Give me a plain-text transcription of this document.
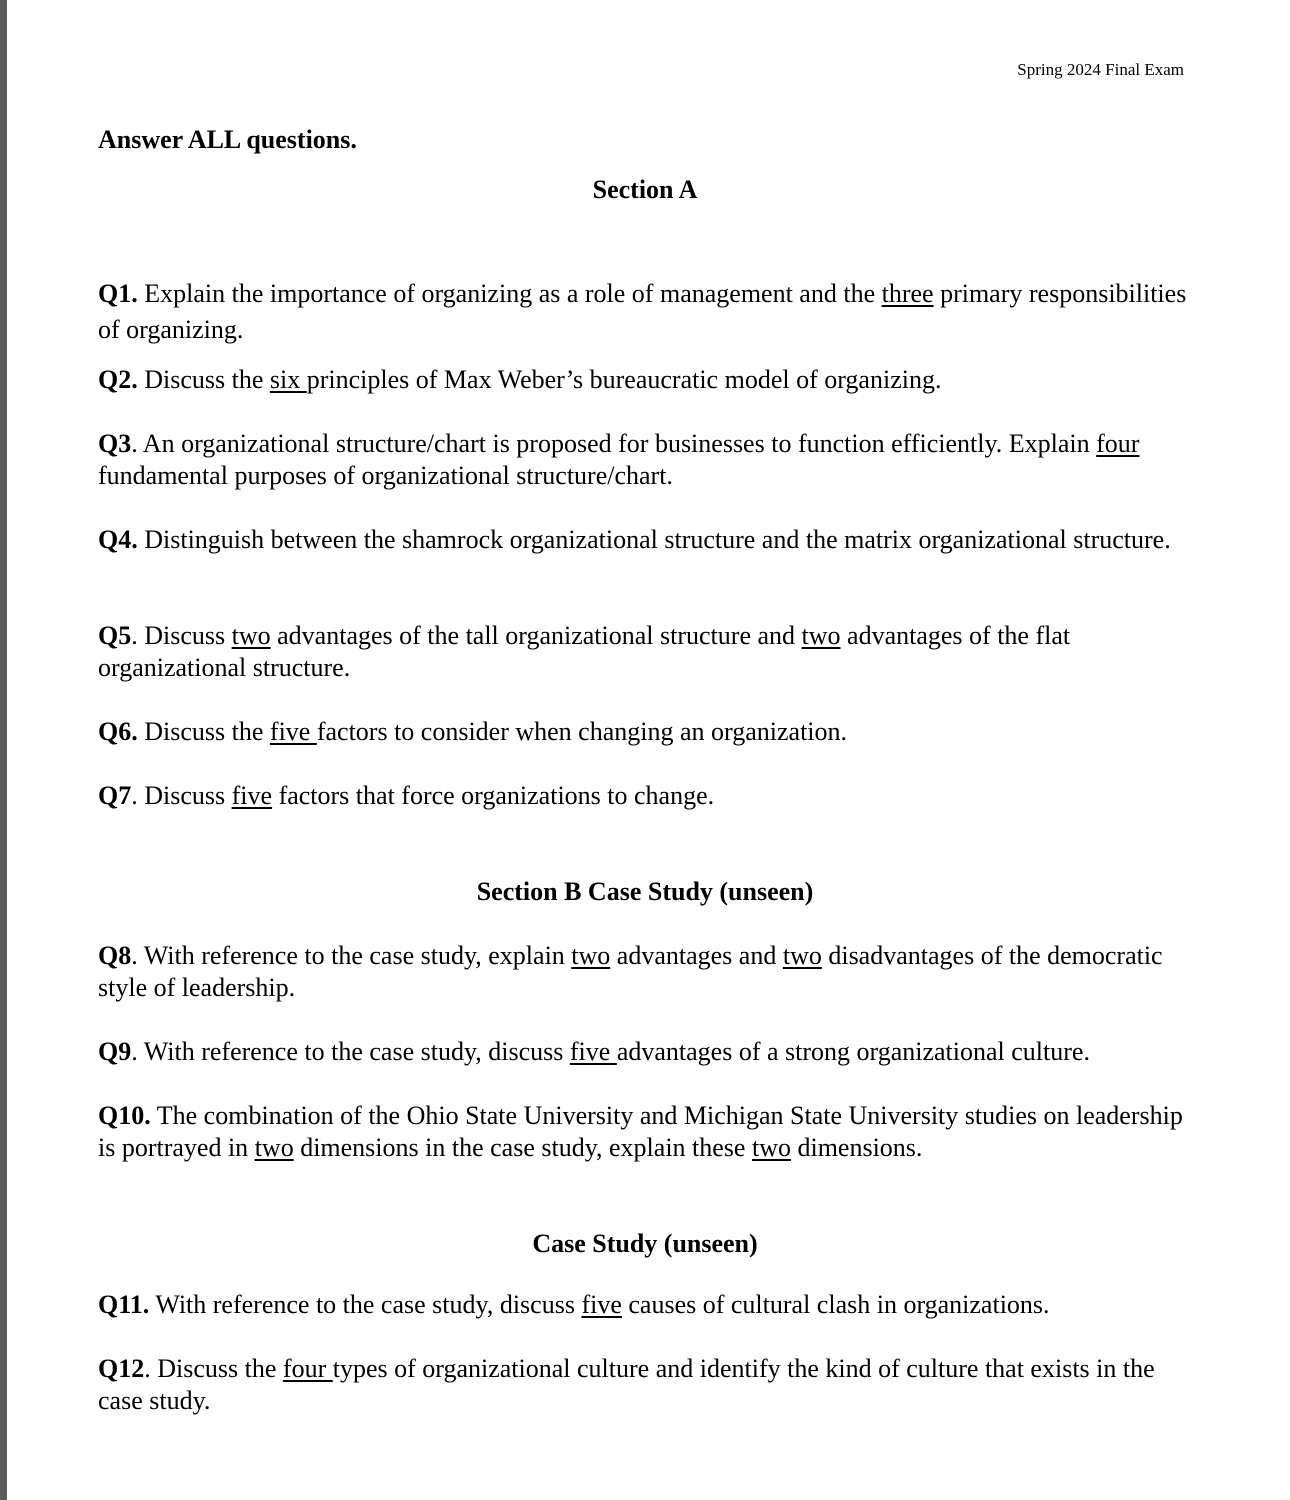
Spring 2024 Final Exam
Answer ALL questions.
Section A
Q1. Explain the importance of organizing as a role of management and the three primary responsibilities of organizing.
Q2. Discuss the six principles of Max Weber’s bureaucratic model of organizing.
Q3. An organizational structure/chart is proposed for businesses to function efficiently. Explain four fundamental purposes of organizational structure/chart.
Q4. Distinguish between the shamrock organizational structure and the matrix organizational structure.
Q5. Discuss two advantages of the tall organizational structure and two advantages of the flat organizational structure.
Q6. Discuss the five factors to consider when changing an organization.
Q7. Discuss five factors that force organizations to change.
Section B Case Study (unseen)
Q8. With reference to the case study, explain two advantages and two disadvantages of the democratic style of leadership.
Q9. With reference to the case study, discuss five advantages of a strong organizational culture.
Q10. The combination of the Ohio State University and Michigan State University studies on leadership is portrayed in two dimensions in the case study, explain these two dimensions.
Case Study (unseen)
Q11. With reference to the case study, discuss five causes of cultural clash in organizations.
Q12. Discuss the four types of organizational culture and identify the kind of culture that exists in the case study.
